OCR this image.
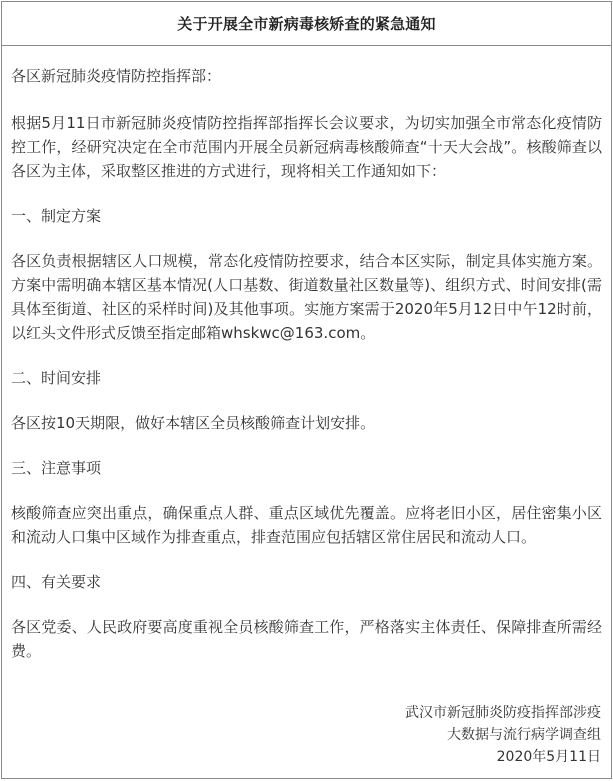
关于开展全市新病毒核矫查的紧急通知
各区新冠肺炎疫情防控指挥部：

根据5月11日市新冠肺炎疫情防控指挥部指挥长会议要求，为切实加强全市常态化疫情防控工作，经研究决定在全市范围内开展全员新冠病毒核酸筛查“十天大会战”。核酸筛查以各区为主体，采取整区推进的方式进行，现将相关工作通知如下：

一、制定方案

各区负责根据辖区人口规模，常态化疫情防控要求，结合本区实际，制定具体实施方案。方案中需明确本辖区基本情况(人口基数、街道数量社区数量等)、组织方式、时间安排(需具体至街道、社区的采样时间)及其他事项。实施方案需于2020年5月12日中午12时前，以红头文件形式反馈至指定邮箱whskwc@163.com。

二、时间安排

各区按10天期限，做好本辖区全员核酸筛查计划安排。

三、注意事项

核酸筛查应突出重点，确保重点人群、重点区域优先覆盖。应将老旧小区，居住密集小区和流动人口集中区域作为排查重点，排查范围应包括辖区常住居民和流动人口。

四、有关要求

各区党委、人民政府要高度重视全员核酸筛查工作，严格落实主体责任、保障排查所需经费。

武汉市新冠肺炎防疫指挥部涉疫
大数据与流行病学调查组
2020年5月11日
